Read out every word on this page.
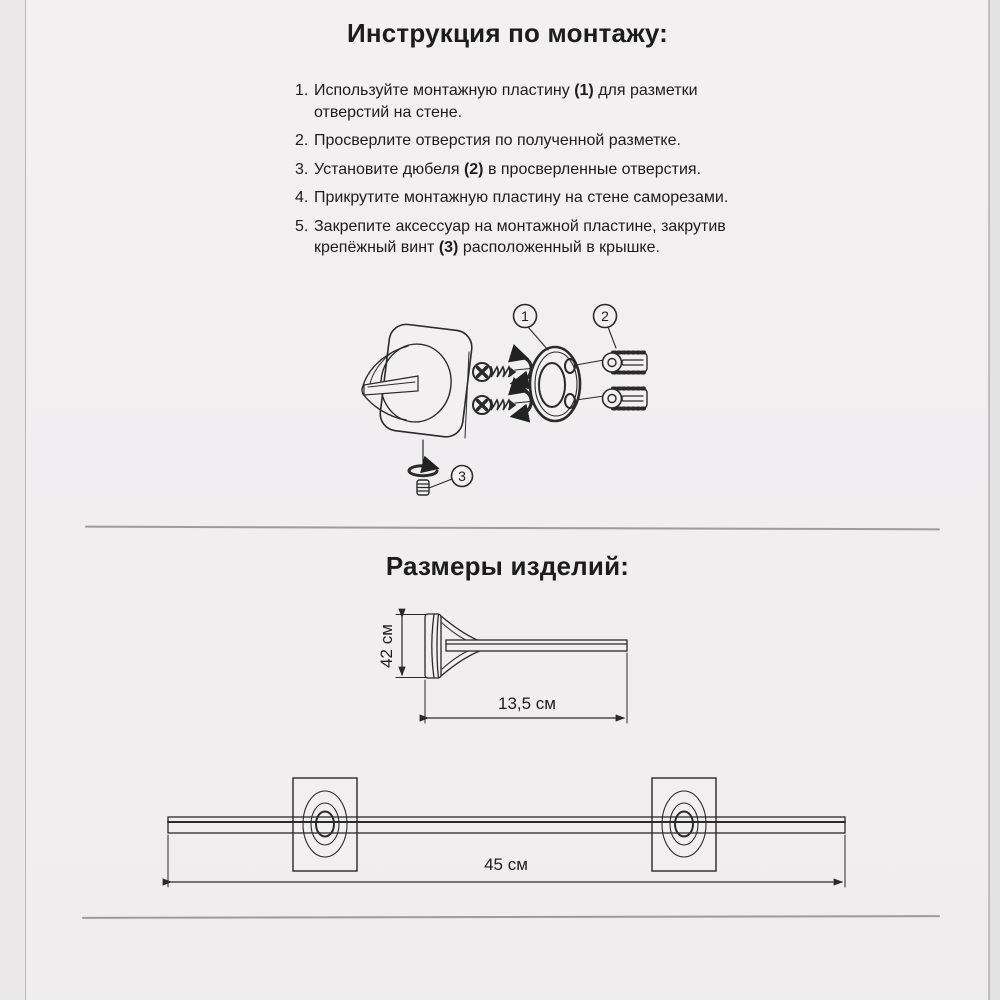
Инструкция по монтажу:
1. Используйте монтажную пластину (1) для разметки отверстий на стене.
2. Просверлите отверстия по полученной разметке.
3. Установите дюбеля (2) в просверленные отверстия.
4. Прикрутите монтажную пластину на стене саморезами.
5. Закрепите аксессуар на монтажной пластине, закрутив крепёжный винт (3) расположенный в крышке.
1	2
3
Размеры изделий:
42 см
13,5 см
45 см
